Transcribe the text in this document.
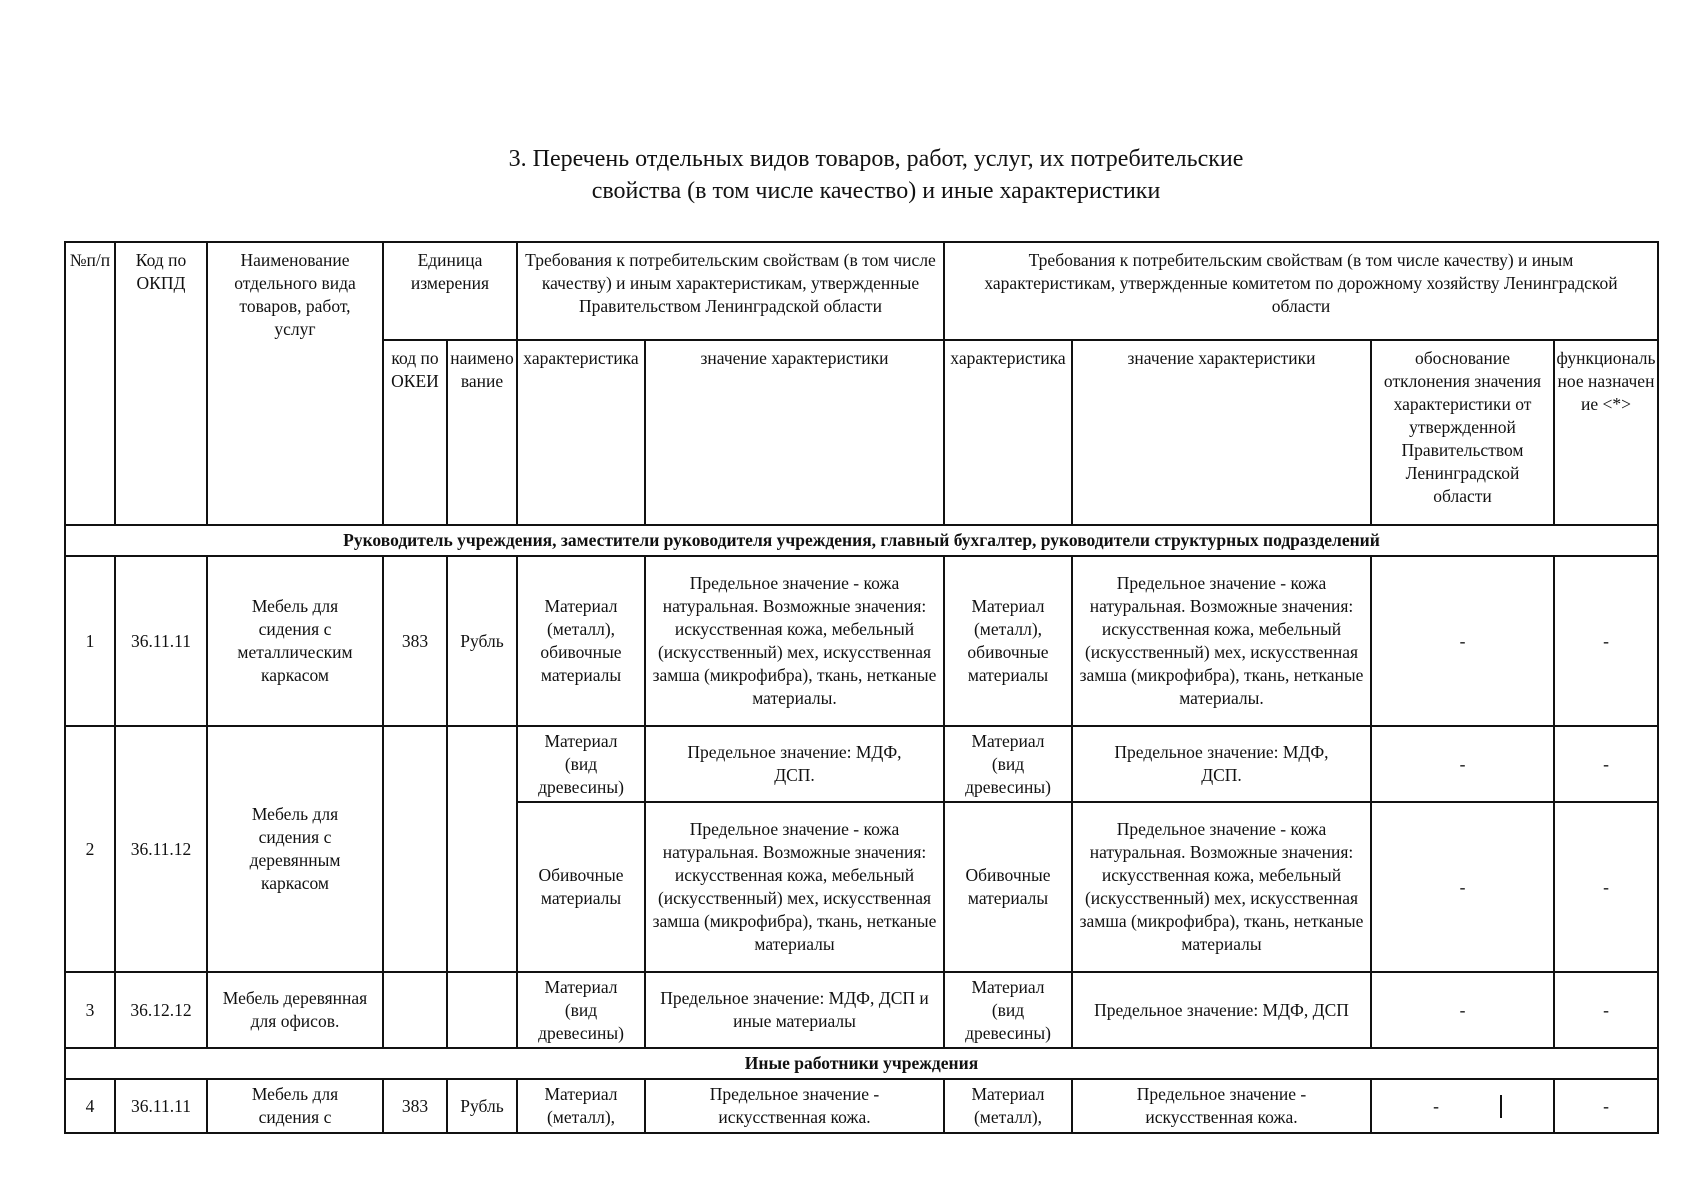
3. Перечень отдельных видов товаров, работ, услуг, их потребительские
свойства (в том числе качество) и иные характеристики
№п/п	Код по ОКПД	Наименование отдельного вида товаров, работ, услуг	Единица измерения		Требования к потребительским свойствам (в том числе качеству) и иным характеристикам, утвержденные Правительством Ленинградской области		Требования к потребительским свойствам (в том числе качеству) и иным характеристикам, утвержденные комитетом по дорожному хозяйству Ленинградской области			
			код по ОКЕИ	наименование	характеристика	значение характеристики	характеристика	значение характеристики	обоснование отклонения значения характеристики от утвержденной Правительством Ленинградской области	функциональное назначение <*>
Руководитель учреждения, заместители руководителя учреждения, главный бухгалтер, руководители структурных подразделений										
1	36.11.11	Мебель для сидения с металлическим каркасом	383	Рубль	Материал (металл), обивочные материалы	Предельное значение - кожа натуральная. Возможные значения: искусственная кожа, мебельный (искусственный) мех, искусственная замша (микрофибра), ткань, нетканые материалы.	Материал (металл), обивочные материалы	Предельное значение - кожа натуральная. Возможные значения: искусственная кожа, мебельный (искусственный) мех, искусственная замша (микрофибра), ткань, нетканые материалы.	-	-
2	36.11.12	Мебель для сидения с деревянным каркасом			Материал (вид древесины)	Предельное значение: МДФ, ДСП.	Материал (вид древесины)	Предельное значение: МДФ, ДСП.	-	-
					Обивочные материалы	Предельное значение - кожа натуральная. Возможные значения: искусственная кожа, мебельный (искусственный) мех, искусственная замша (микрофибра), ткань, нетканые материалы	Обивочные материалы	Предельное значение - кожа натуральная. Возможные значения: искусственная кожа, мебельный (искусственный) мех, искусственная замша (микрофибра), ткань, нетканые материалы	-	-
3	36.12.12	Мебель деревянная для офисов.			Материал (вид древесины)	Предельное значение: МДФ, ДСП и иные материалы	Материал (вид древесины)	Предельное значение: МДФ, ДСП	-	-
Иные работники учреждения										
4	36.11.11	Мебель для сидения с	383	Рубль	Материал (металл),	Предельное значение - искусственная кожа.	Материал (металл),	Предельное значение - искусственная кожа.	-	-
